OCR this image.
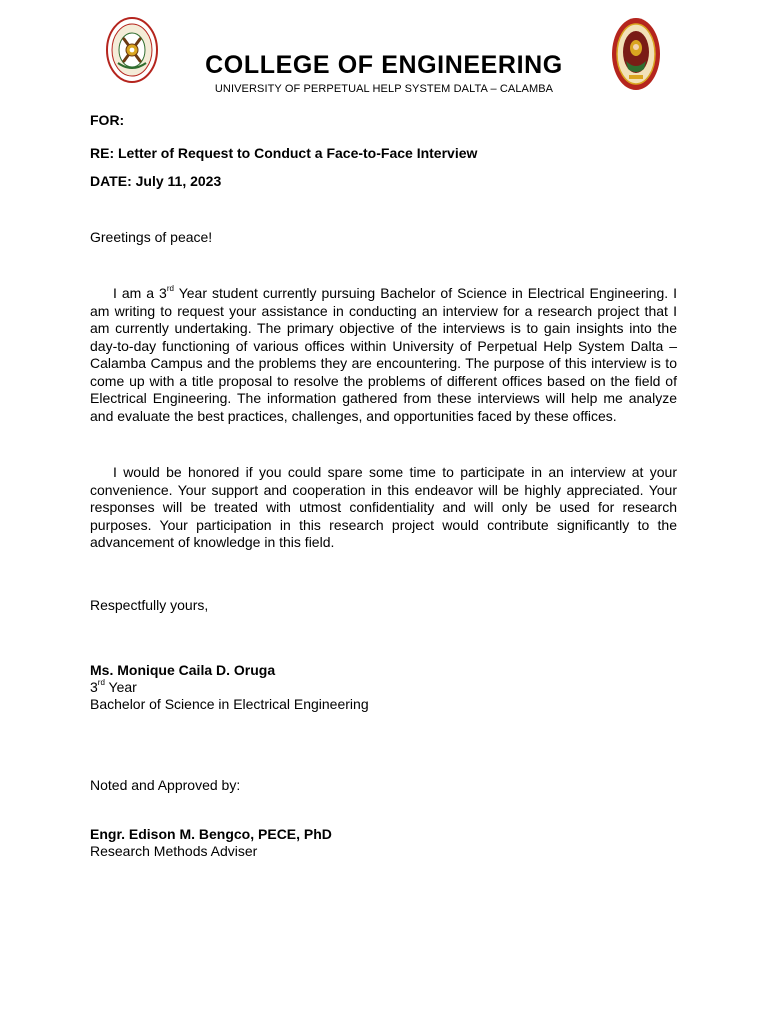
COLLEGE OF ENGINEERING
UNIVERSITY OF PERPETUAL HELP SYSTEM DALTA – CALAMBA
FOR:
RE: Letter of Request to Conduct a Face-to-Face Interview
DATE: July 11, 2023
Greetings of peace!
I am a 3rd Year student currently pursuing Bachelor of Science in Electrical Engineering. I am writing to request your assistance in conducting an interview for a research project that I am currently undertaking. The primary objective of the interviews is to gain insights into the day-to-day functioning of various offices within University of Perpetual Help System Dalta – Calamba Campus and the problems they are encountering. The purpose of this interview is to come up with a title proposal to resolve the problems of different offices based on the field of Electrical Engineering. The information gathered from these interviews will help me analyze and evaluate the best practices, challenges, and opportunities faced by these offices.
I would be honored if you could spare some time to participate in an interview at your convenience. Your support and cooperation in this endeavor will be highly appreciated. Your responses will be treated with utmost confidentiality and will only be used for research purposes. Your participation in this research project would contribute significantly to the advancement of knowledge in this field.
Respectfully yours,
Ms. Monique Caila D. Oruga
3rd Year
Bachelor of Science in Electrical Engineering
Noted and Approved by:
Engr. Edison M. Bengco, PECE, PhD
Research Methods Adviser
